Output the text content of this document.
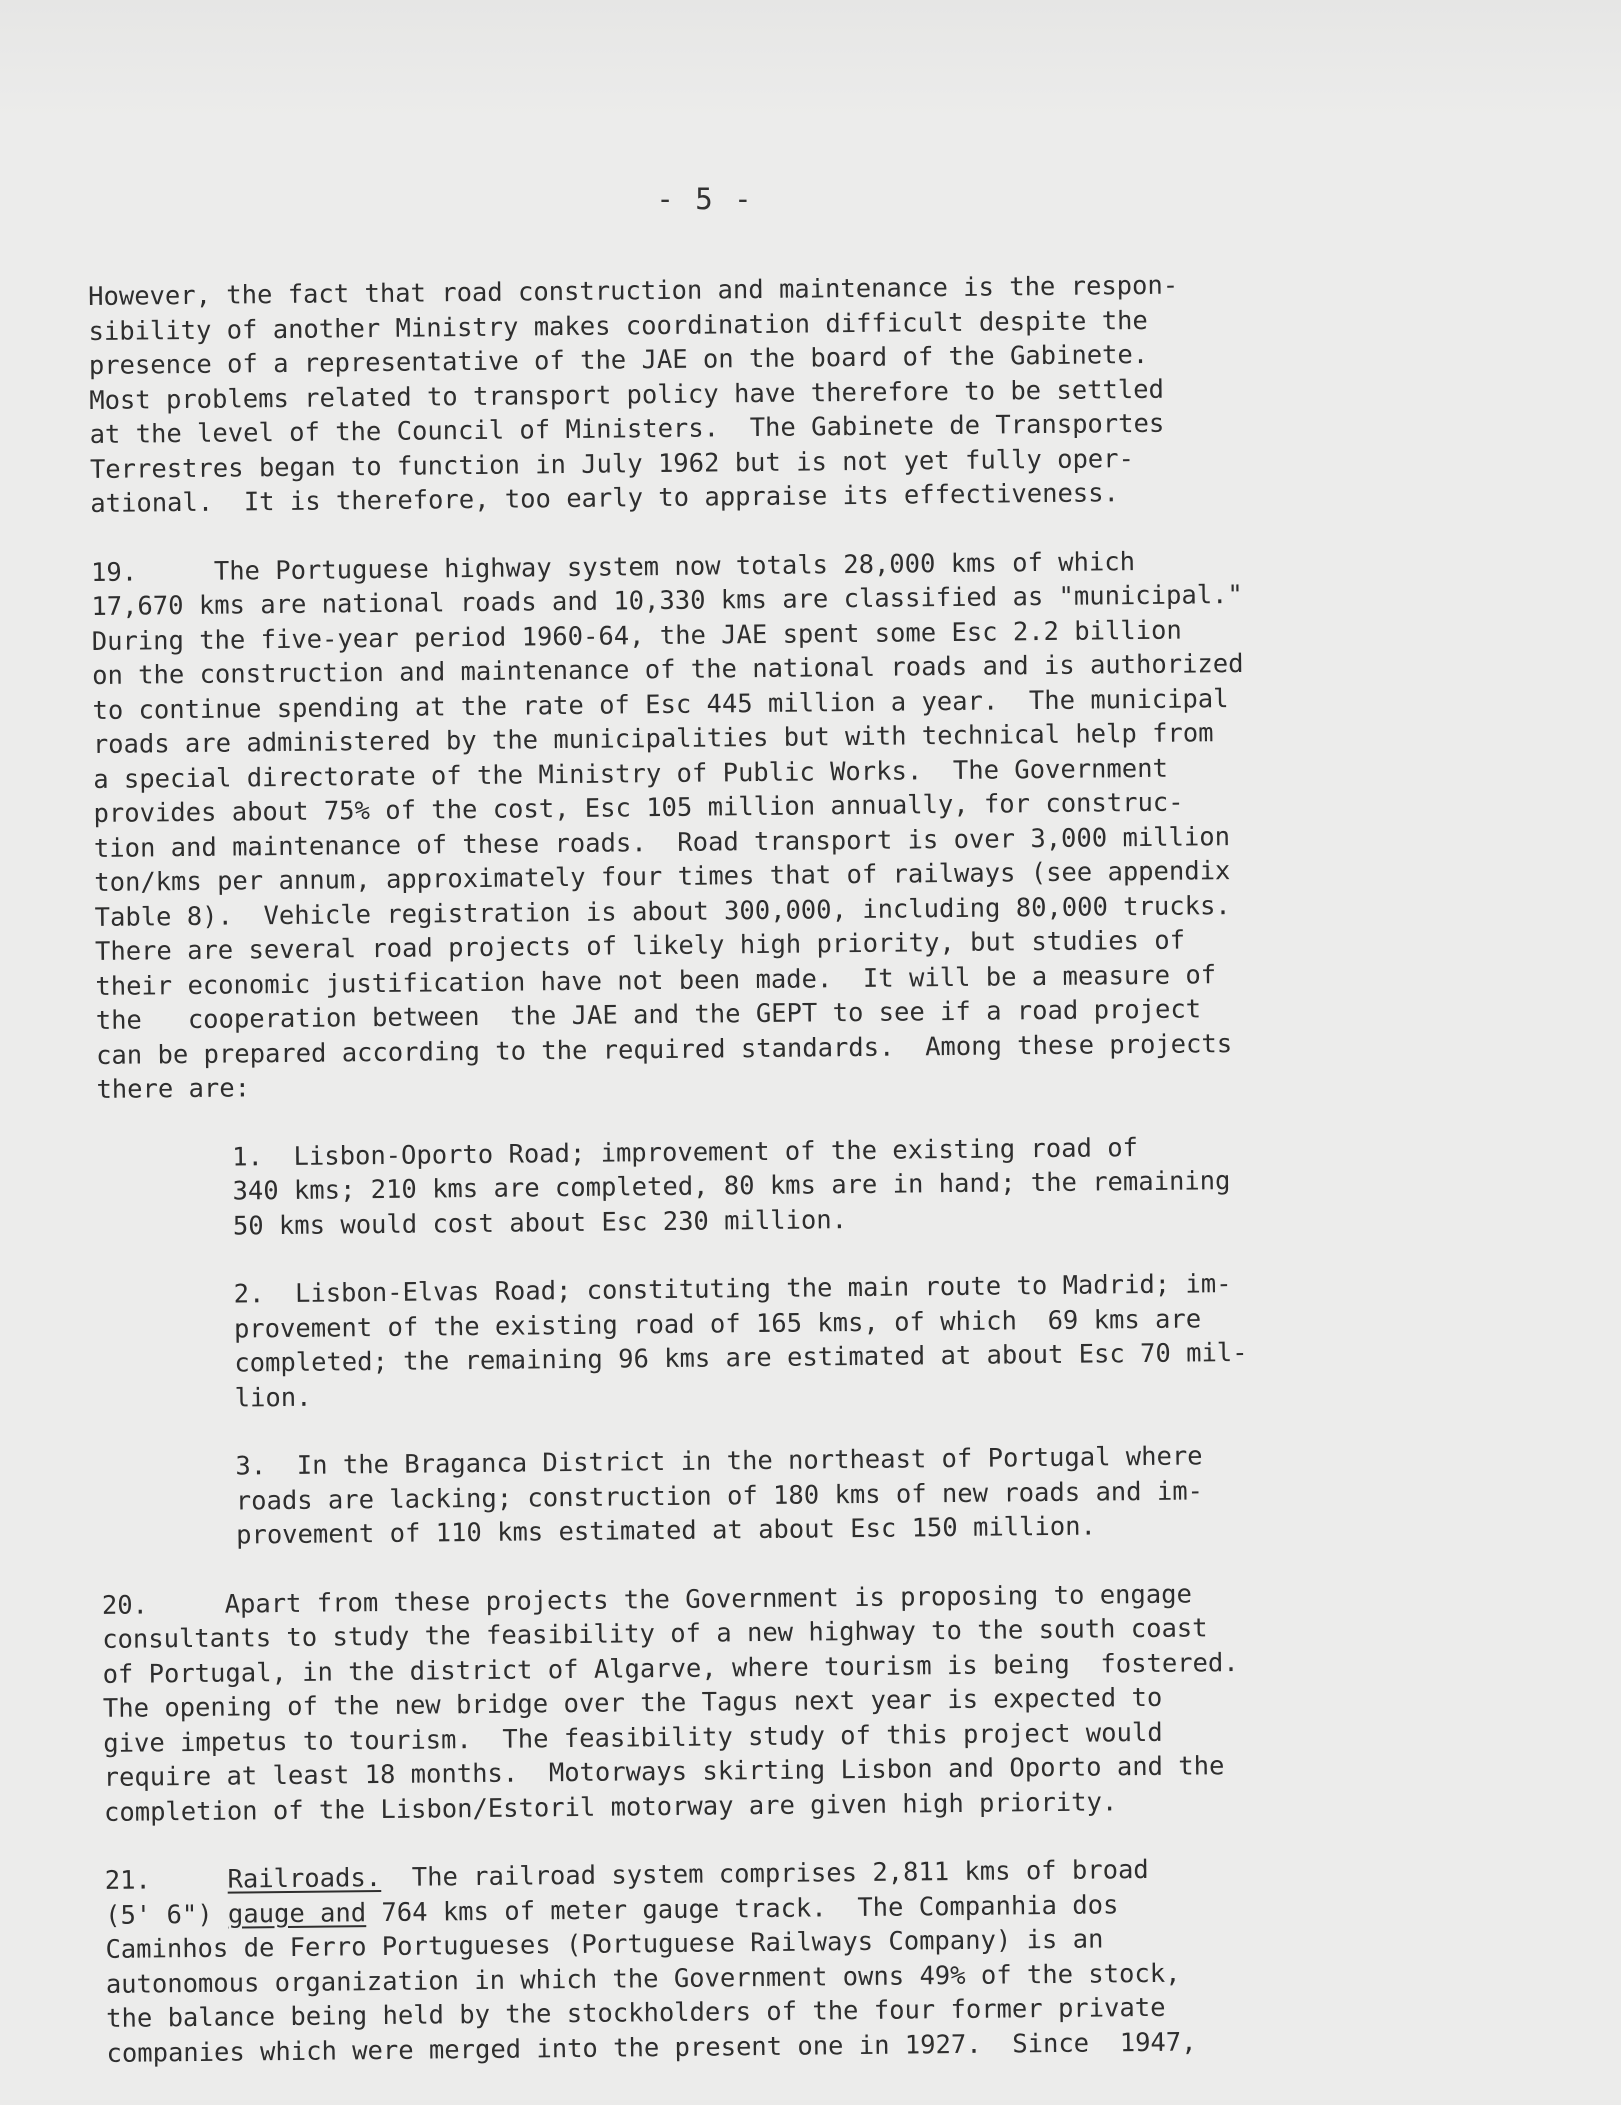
- 5 -
However, the fact that road construction and maintenance is the respon-
sibility of another Ministry makes coordination difficult despite the
presence of a representative of the JAE on the board of the Gabinete.
Most problems related to transport policy have therefore to be settled
at the level of the Council of Ministers.  The Gabinete de Transportes
Terrestres began to function in July 1962 but is not yet fully oper-
ational.  It is therefore, too early to appraise its effectiveness.
19.     The Portuguese highway system now totals 28,000 kms of which
17,670 kms are national roads and 10,330 kms are classified as "municipal."
During the five-year period 1960-64, the JAE spent some Esc 2.2 billion
on the construction and maintenance of the national roads and is authorized
to continue spending at the rate of Esc 445 million a year.  The municipal
roads are administered by the municipalities but with technical help from
a special directorate of the Ministry of Public Works.  The Government
provides about 75% of the cost, Esc 105 million annually, for construc-
tion and maintenance of these roads.  Road transport is over 3,000 million
ton/kms per annum, approximately four times that of railways (see appendix
Table 8).  Vehicle registration is about 300,000, including 80,000 trucks.
There are several road projects of likely high priority, but studies of
their economic justification have not been made.  It will be a measure of
the   cooperation between  the JAE and the GEPT to see if a road project
can be prepared according to the required standards.  Among these projects
there are:
1.  Lisbon-Oporto Road; improvement of the existing road of
340 kms; 210 kms are completed, 80 kms are in hand; the remaining
50 kms would cost about Esc 230 million.
2.  Lisbon-Elvas Road; constituting the main route to Madrid; im-
provement of the existing road of 165 kms, of which  69 kms are
completed; the remaining 96 kms are estimated at about Esc 70 mil-
lion.
3.  In the Braganca District in the northeast of Portugal where
roads are lacking; construction of 180 kms of new roads and im-
provement of 110 kms estimated at about Esc 150 million.
20.     Apart from these projects the Government is proposing to engage
consultants to study the feasibility of a new highway to the south coast
of Portugal, in the district of Algarve, where tourism is being  fostered.
The opening of the new bridge over the Tagus next year is expected to
give impetus to tourism.  The feasibility study of this project would
require at least 18 months.  Motorways skirting Lisbon and Oporto and the
completion of the Lisbon/Estoril motorway are given high priority.
21.	Railroads.  The railroad system comprises 2,811 kms of broad
(5' 6") gauge and 764 kms of meter gauge track.  The Companhia dos
Caminhos de Ferro Portugueses (Portuguese Railways Company) is an
autonomous organization in which the Government owns 49% of the stock,
the balance being held by the stockholders of the four former private
companies which were merged into the present one in 1927.  Since  1947,
